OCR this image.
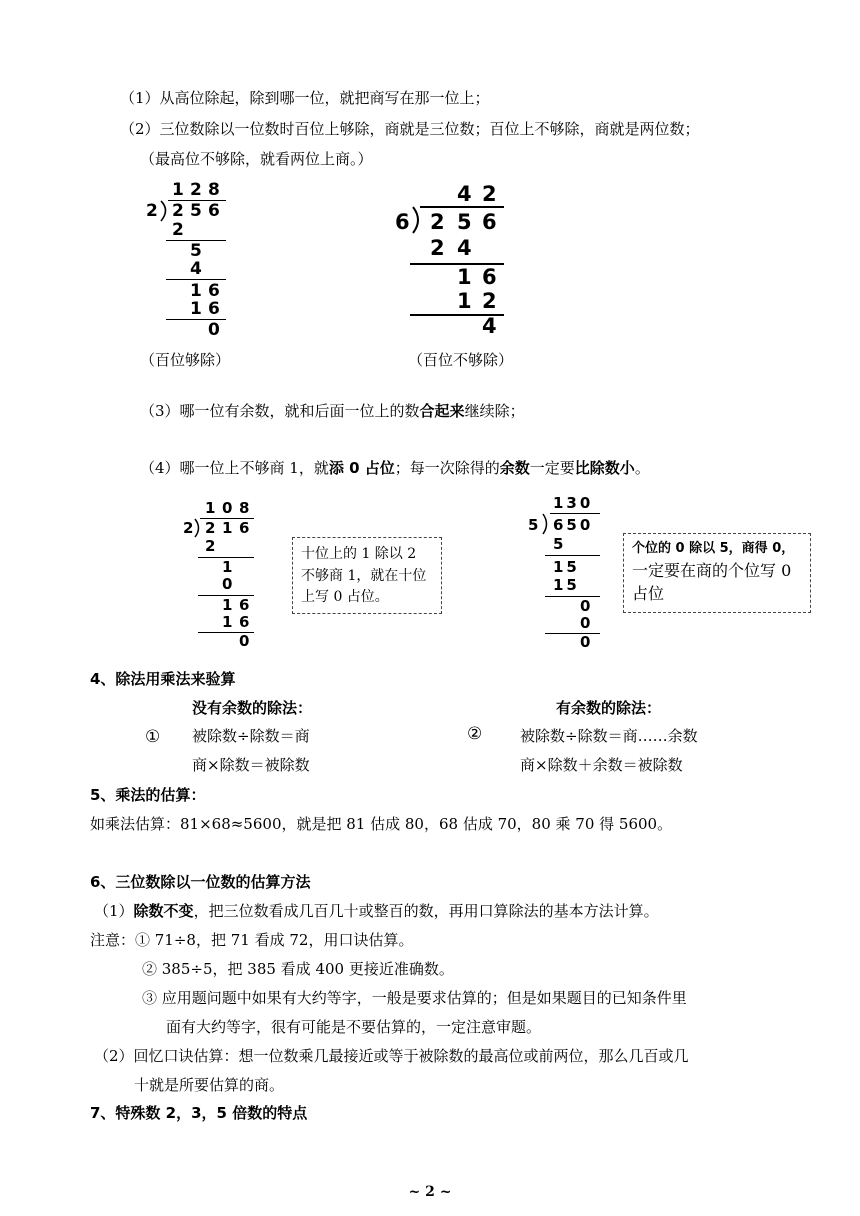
（1）从高位除起，除到哪一位，就把商写在那一位上；
（2）三位数除以一位数时百位上够除，商就是三位数；百位上不够除，商就是两位数；
（最高位不够除，就看两位上商。）
1 2 8
2 2 5 6
2
5
4
1 6
1 6
0
4 2
6 2 5 6
2 4
1 6
1 2
4
（百位够除）	（百位不够除）
（3）哪一位有余数，就和后面一位上的数合起来继续除；
（4）哪一位上不够商 1，就添 0 占位；每一次除得的余数一定要比除数小。
1 0 8
2 2 1 6
2
1
0
1 6
1 6
0
十位上的 1 除以 2 不够商 1，就在十位上写 0 占位。
130
5 650
5
15
15
0
0
0
个位的 0 除以 5，商得 0，
一定要在商的个位写 0 占位
4、除法用乘法来验算
没有余数的除法：	有余数的除法：
①	②
被除数÷除数＝商
商×除数＝被除数
被除数÷除数＝商……余数
商×除数＋余数＝被除数
5、乘法的估算：
如乘法估算：81×68≈5600，就是把 81 估成 80，68 估成 70，80 乘 70 得 5600。
6、三位数除以一位数的估算方法
（1）除数不变，把三位数看成几百几十或整百的数，再用口算除法的基本方法计算。
注意：① 71÷8，把 71 看成 72，用口诀估算。
② 385÷5，把 385 看成 400 更接近准确数。
③ 应用题问题中如果有大约等字，一般是要求估算的；但是如果题目的已知条件里
面有大约等字，很有可能是不要估算的，一定注意审题。
（2）回忆口诀估算：想一位数乘几最接近或等于被除数的最高位或前两位，那么几百或几
十就是所要估算的商。
7、特殊数 2，3，5 倍数的特点
~ 2 ~
